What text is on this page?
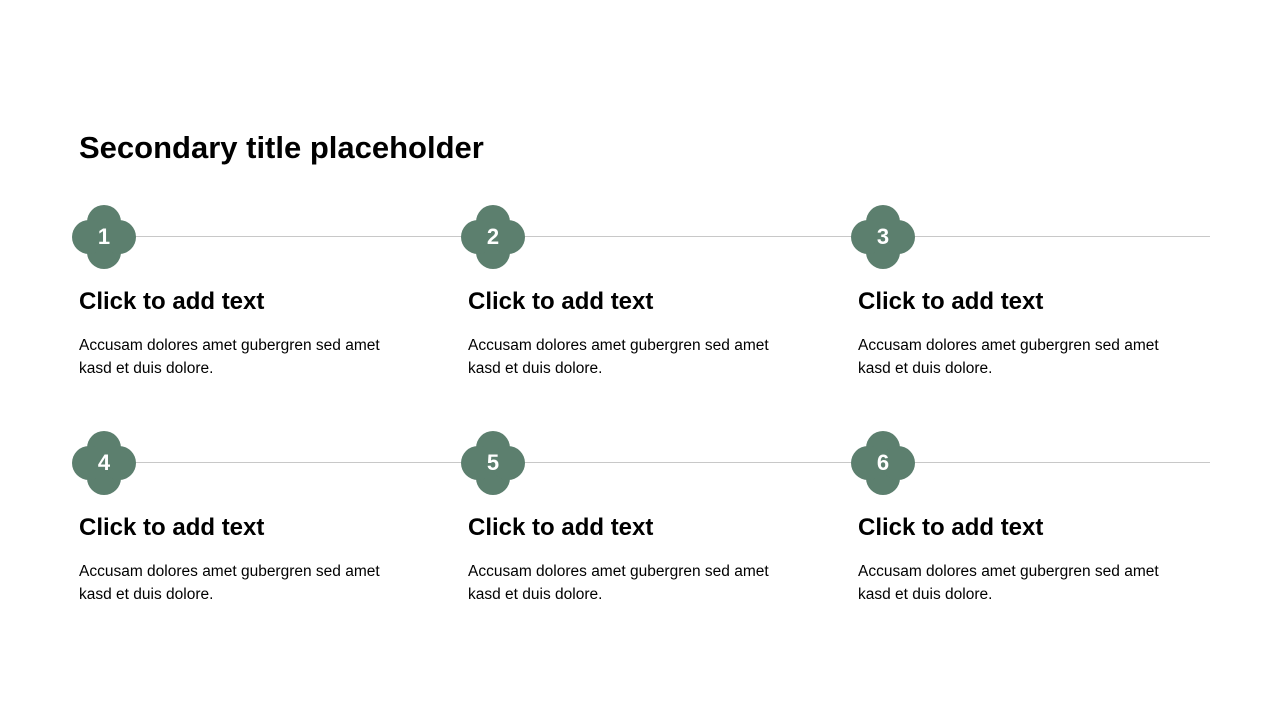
Secondary title placeholder
1
Click to add text

Accusam dolores amet gubergren sed amet kasd et duis dolore.

2
Click to add text

Accusam dolores amet gubergren sed amet kasd et duis dolore.

3
Click to add text

Accusam dolores amet gubergren sed amet kasd et duis dolore.

4
Click to add text

Accusam dolores amet gubergren sed amet kasd et duis dolore.

5
Click to add text

Accusam dolores amet gubergren sed amet kasd et duis dolore.

6
Click to add text

Accusam dolores amet gubergren sed amet kasd et duis dolore.
